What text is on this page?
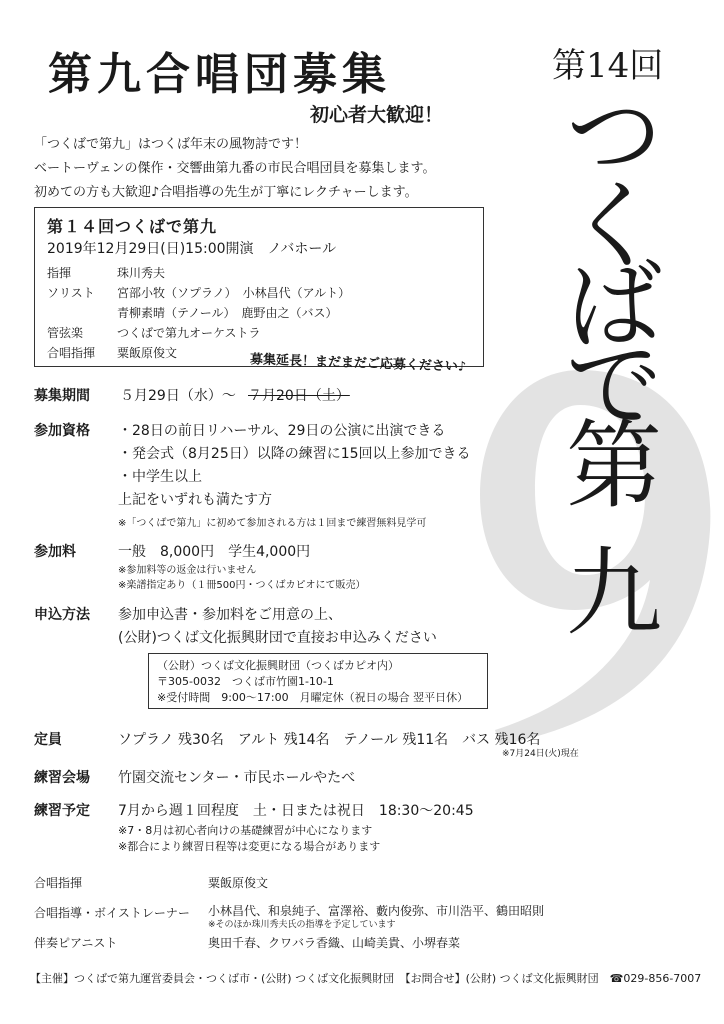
第九合唱団募集
初心者大歓迎！
第14回
つ
く
ば
で
第
九
「つくばで第九」はつくば年末の風物詩です！
ベートーヴェンの傑作・交響曲第九番の市民合唱団員を募集します。
初めての方も大歓迎♪合唱指導の先生が丁寧にレクチャーします。
第１４回つくばで第九
2019年12月29日(日)15:00開演　ノバホール
指揮	珠川秀夫
ソリスト 宮部小牧（ソプラノ）　小林昌代（アルト）
青柳素晴（テノール）　鹿野由之（バス）
管弦楽	つくばで第九オーケストラ
合唱指揮 粟飯原俊文	募集延長！まだまだご応募ください♪
募集期間 ５月29日（水）～ ７月20日（土）
参加資格 ・28日の前日リハーサル、29日の公演に出演できる
・発会式（8月25日）以降の練習に15回以上参加できる
・中学生以上
上記をいずれも満たす方
※「つくばで第九」に初めて参加される方は１回まで練習無料見学可
参加料	一般　8,000円　学生4,000円
※参加料等の返金は行いません
※楽譜指定あり（１冊500円・つくばカピオにて販売）
申込方法 参加申込書・参加料をご用意の上、
(公財)つくば文化振興財団で直接お申込みください
（公財）つくば文化振興財団（つくばカピオ内）
〒305-0032　つくば市竹園1-10-1
※受付時間　9:00～17:00　月曜定休（祝日の場合 翌平日休）
定員	ソプラノ 残30名　アルト 残14名　テノール 残11名　バス 残16名
※7月24日(火)現在
練習会場 竹園交流センター・市民ホールやたべ
練習予定 7月から週１回程度　土・日または祝日　18:30～20:45
※7・8月は初心者向けの基礎練習が中心になります
※都合により練習日程等は変更になる場合があります
合唱指揮	粟飯原俊文
合唱指導・ボイストレーナー 小林昌代、和泉純子、富澤裕、藪内俊弥、市川浩平、鶴田昭則
※そのほか珠川秀夫氏の指導を予定しています
伴奏ピアニスト	奥田千春、クワバラ香織、山崎美貴、小堺春菜
【主催】つくばで第九運営委員会・つくば市・(公財) つくば文化振興財団　【お問合せ】(公財) つくば文化振興財団　☎029-856-7007
